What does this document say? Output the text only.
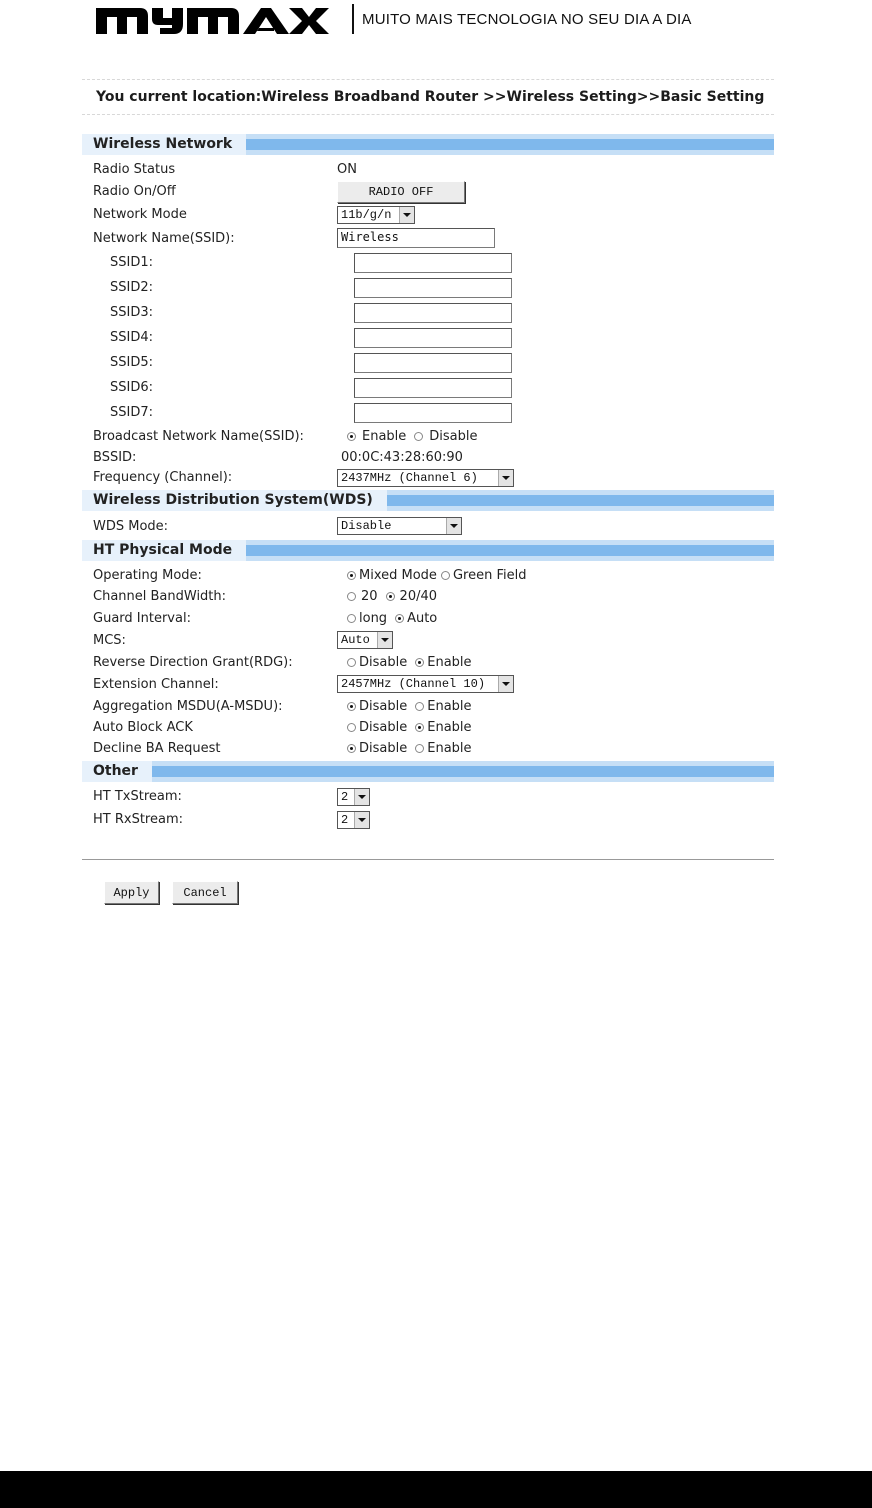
MUITO MAIS TECNOLOGIA NO SEU DIA A DIA
You current location:Wireless Broadband Router >>Wireless Setting>>Basic Setting
Wireless Network
Radio Status	ON
Radio On/Off	RADIO OFF
Network Mode	11b/g/n
Network Name(SSID):	Wireless
SSID1:
SSID2:
SSID3:
SSID4:
SSID5:
SSID6:
SSID7:
Broadcast Network Name(SSID):	Enable Disable
BSSID:	00:0C:43:28:60:90
Frequency (Channel):	2437MHz (Channel 6)
Wireless Distribution System(WDS)
WDS Mode:	Disable
HT Physical Mode
Operating Mode:	Mixed Mode Green Field
Channel BandWidth:	20 20/40
Guard Interval:	long Auto
MCS:	Auto
Reverse Direction Grant(RDG):	Disable Enable
Extension Channel:	2457MHz (Channel 10)
Aggregation MSDU(A-MSDU):	Disable Enable
Auto Block ACK	Disable Enable
Decline BA Request	Disable Enable
Other
HT TxStream:	2
HT RxStream:	2
Apply	Cancel
